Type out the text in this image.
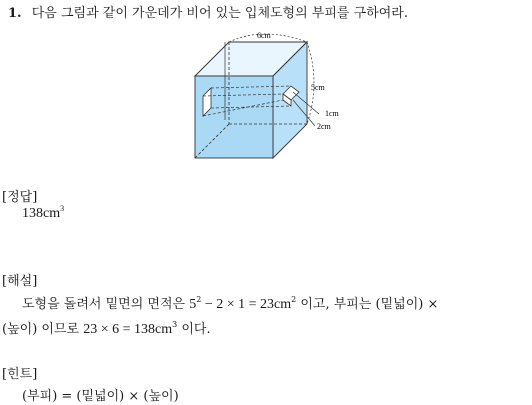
1. 다음 그림과 같이 가운데가 비어 있는 입체도형의 부피를 구하여라.
6cm
5cm
1cm
2cm
[정답]
$138cm^3$
[해설]
도형을 돌려서 밑면의 면적은 $5^2 - 2 \times 1 = 23cm^2$ 이고, 부피는 (밑넓이) ×
(높이) 이므로 $23 \times 6 = 138cm^3$ 이다.
[힌트]
(부피) = (밑넓이) × (높이)
